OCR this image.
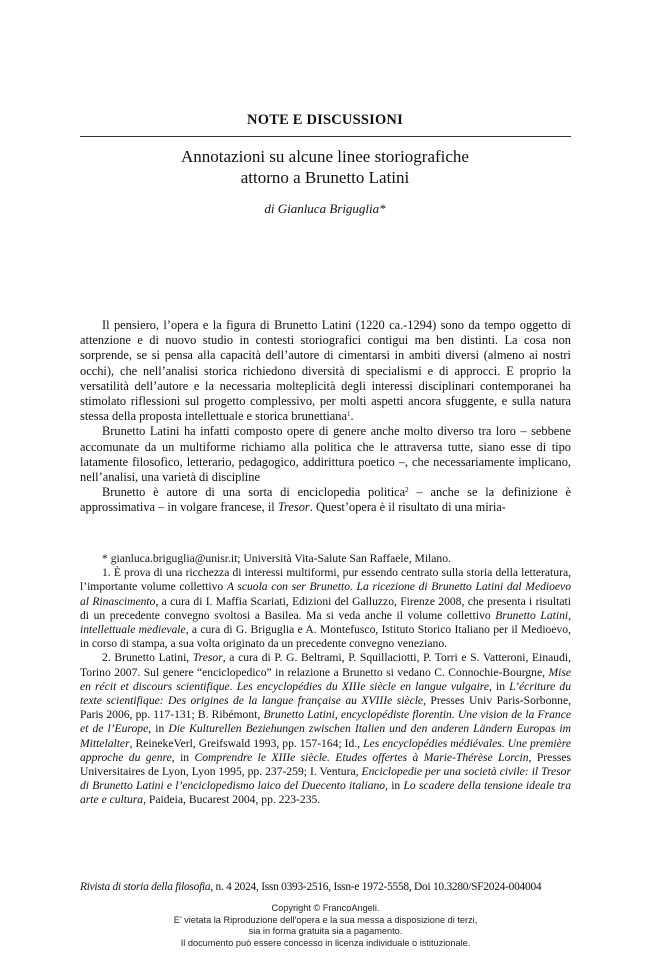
NOTE E DISCUSSIONI
Annotazioni su alcune linee storiografiche
attorno a Brunetto Latini
di Gianluca Briguglia*

Il pensiero, l’opera e la figura di Brunetto Latini (1220 ca.-1294) sono da tempo oggetto di attenzione e di nuovo studio in contesti storiografici contigui ma ben distinti. La cosa non sorprende, se si pensa alla capacità dell’autore di cimentarsi in ambiti diversi (almeno ai nostri occhi), che nell’analisi storica richiedono diversità di specialismi e di approcci. E proprio la versatilità dell’autore e la necessaria molteplicità degli interessi disciplinari contemporanei ha stimolato riflessioni sul progetto complessivo, per molti aspetti ancora sfuggente, e sulla natura stessa della proposta intellettuale e storica brunettiana$^1$.

Brunetto Latini ha infatti composto opere di genere anche molto diverso tra loro – sebbene accomunate da un multiforme richiamo alla politica che le attraversa tutte, siano esse di tipo latamente filosofico, letterario, pedagogico, addirittura poetico –, che necessariamente implicano, nell’analisi, una varietà di discipline

Brunetto è autore di una sorta di enciclopedia politica$^2$ – anche se la definizione è approssimativa – in volgare francese, il Tresor. Quest’opera è il risultato di una miria-

* gianluca.briguglia@unisr.it; Università Vita-Salute San Raffaele, Milano.

1. È prova di una ricchezza di interessi multiformi, pur essendo centrato sulla storia della letteratura, l’importante volume collettivo A scuola con ser Brunetto. La ricezione di Brunetto Latini dal Medioevo al Rinascimento, a cura di I. Maffia Scariati, Edizioni del Galluzzo, Firenze 2008, che presenta i risultati di un precedente convegno svoltosi a Basilea. Ma si veda anche il volume collettivo Brunetto Latini, intellettuale medievale, a cura di G. Briguglia e A. Montefusco, Istituto Storico Italiano per il Medioevo, in corso di stampa, a sua volta originato da un precedente convegno veneziano.

2. Brunetto Latini, Tresor, a cura di P. G. Beltrami, P. Squillaciotti, P. Torri e S. Vatteroni, Einaudi, Torino 2007. Sul genere “enciclopedico” in relazione a Brunetto si vedano C. Connochie-Bourgne, Mise en récit et discours scientifique. Les encyclopédies du XIIIe siècle en langue vulgaire, in L’écriture du texte scientifique: Des origines de la langue française au XVIIIe siècle, Presses Univ Paris-Sorbonne, Paris 2006, pp. 117-131; B. Ribémont, Brunetto Latini, encyclopédiste florentin. Une vision de la France et de l’Europe, in Die Kulturellen Beziehungen zwischen Italien und den anderen Ländern Europas im Mittelalter, ReinekeVerl, Greifswald 1993, pp. 157-164; Id., Les encyclopédies médiévales. Une première approche du genre, in Comprendre le XIIIe siècle. Etudes offertes à Marie-Thérèse Lorcin, Presses Universitaires de Lyon, Lyon 1995, pp. 237-259; I. Ventura, Enciclopedie per una società civile: il Tresor di Brunetto Latini e l’enciclopedismo laico del Duecento italiano, in Lo scadere della tensione ideale tra arte e cultura, Paideia, Bucarest 2004, pp. 223-235.

Rivista di storia della filosofia, n. 4 2024, Issn 0393-2516, Issn-e 1972-5558, Doi 10.3280/SF2024-004004
Copyright © FrancoAngeli.
E’ vietata la Riproduzione dell’opera e la sua messa a disposizione di terzi,
sia in forma gratuita sia a pagamento.
Il documento può essere concesso in licenza individuale o istituzionale.
